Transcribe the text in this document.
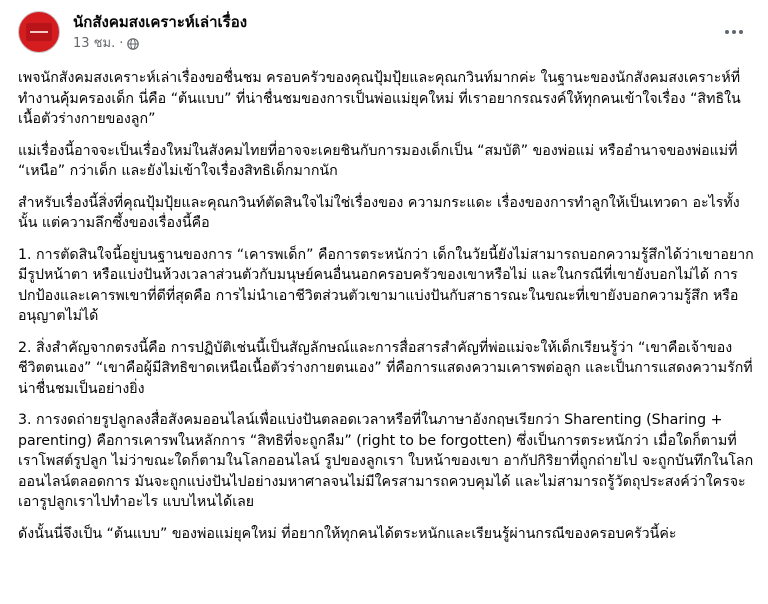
นักสังคมสงเคราะห์เล่าเรื่อง
13 ชม. ·

เพจนักสังคมสงเคราะห์เล่าเรื่องขอชื่นชม ครอบครัวของคุณปุ้มปุ้ยและคุณกวินท์มากค่ะ ในฐานะของนักสังคมสงเคราะห์ที่ทำงานคุ้มครองเด็ก นี่คือ “ต้นแบบ” ที่น่าชื่นชมของการเป็นพ่อแม่ยุคใหม่ ที่เราอยากรณรงค์ให้ทุกคนเข้าใจเรื่อง “สิทธิในเนื้อตัวร่างกายของลูก”

แม่เรื่องนี้อาจจะเป็นเรื่องใหม่ในสังคมไทยที่อาจจะเคยชินกับการมองเด็กเป็น “สมบัติ” ของพ่อแม่ หรืออำนาจของพ่อแม่ที่ “เหนือ” กว่าเด็ก และยังไม่เข้าใจเรื่องสิทธิเด็กมากนัก

สำหรับเรื่องนี้สิ่งที่คุณปุ้มปุ้ยและคุณกวินท์ตัดสินใจไม่ใช่เรื่องของ ความกระแดะ เรื่องของการทำลูกให้เป็นเทวดา อะไรทั้งนั้น แต่ความลึกซึ้งของเรื่องนี้คือ

1. การตัดสินใจนี้อยู่บนฐานของการ “เคารพเด็ก” คือการตระหนักว่า เด็กในวัยนี้ยังไม่สามารถบอกความรู้สึกได้ว่าเขาอยากมีรูปหน้าตา หรือแบ่งปันห้วงเวลาส่วนตัวกับมนุษย์คนอื่นนอกครอบครัวของเขาหรือไม่ และในกรณีที่เขายังบอกไม่ได้ การปกป้องและเคารพเขาที่ดีที่สุดคือ การไม่นำเอาชีวิตส่วนตัวเขามาแบ่งปันกับสาธารณะในขณะที่เขายังบอกความรู้สึก หรืออนุญาตไม่ได้

2. สิ่งสำคัญจากตรงนี้คือ การปฏิบัติเช่นนี้เป็นสัญลักษณ์และการสื่อสารสำคัญที่พ่อแม่จะให้เด็กเรียนรู้ว่า “เขาคือเจ้าของชีวิตตนเอง” “เขาคือผู้มีสิทธิขาดเหนือเนื้อตัวร่างกายตนเอง” ที่คือการแสดงความเคารพต่อลูก และเป็นการแสดงความรักที่น่าชื่นชมเป็นอย่างยิ่ง

3. การงดถ่ายรูปลูกลงสื่อสังคมออนไลน์เพื่อแบ่งปันตลอดเวลาหรือที่ในภาษาอังกฤษเรียกว่า Sharenting (Sharing + parenting) คือการเคารพในหลักการ “สิทธิที่จะถูกลืม” (right to be forgotten) ซึ่งเป็นการตระหนักว่า เมื่อใดก็ตามที่เราโพสต์รูปลูก ไม่ว่าขณะใดก็ตามในโลกออนไลน์ รูปของลูกเรา ใบหน้าของเขา อากัปกิริยาที่ถูกถ่ายไป จะถูกบันทึกในโลกออนไลน์ตลอดการ มันจะถูกแบ่งปันไปอย่างมหาศาลจนไม่มีใครสามารถควบคุมได้ และไม่สามารถรู้วัตถุประสงค์ว่าใครจะเอารูปลูกเราไปทำอะไร แบบไหนได้เลย

ดังนั้นนี่จึงเป็น “ต้นแบบ” ของพ่อแม่ยุคใหม่ ที่อยากให้ทุกคนได้ตระหนักและเรียนรู้ผ่านกรณีของครอบครัวนี้ค่ะ
